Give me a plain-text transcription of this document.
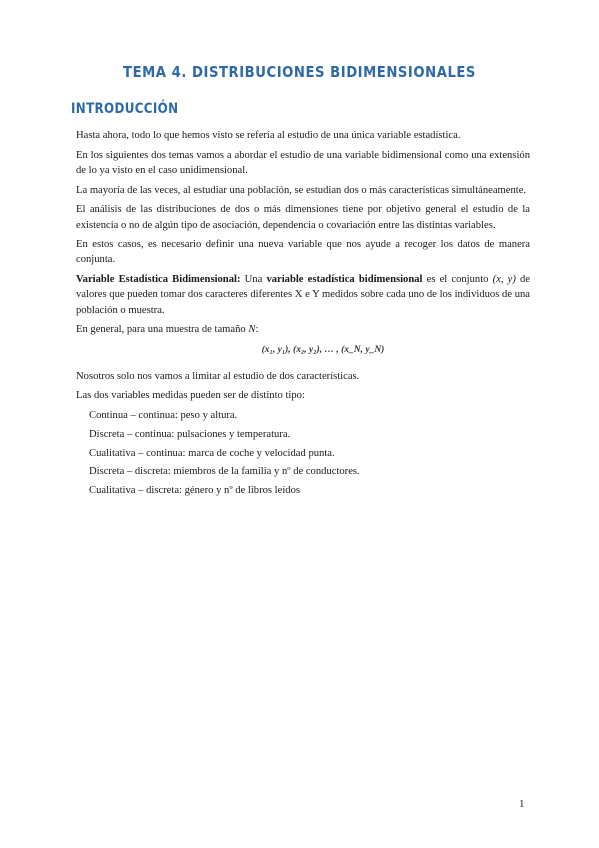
TEMA 4. DISTRIBUCIONES BIDIMENSIONALES
INTRODUCCIÓN

Hasta ahora, todo lo que hemos visto se refería al estudio de una única variable estadística.

En los siguientes dos temas vamos a abordar el estudio de una variable bidimensional como una extensión de lo ya visto en el caso unidimensional.

La mayoría de las veces, al estudiar una población, se estudian dos o más características simultáneamente.

El análisis de las distribuciones de dos o más dimensiones tiene por objetivo general el estudio de la existencia o no de algún tipo de asociación, dependencia o covariación entre las distintas variables.

En estos casos, es necesario definir una nueva variable que nos ayude a recoger los datos de manera conjunta.

Variable Estadística Bidimensional: Una variable estadística bidimensional es el conjunto (x, y) de valores que pueden tomar dos caracteres diferentes X e Y medidos sobre cada uno de los individuos de una población o muestra.

En general, para una muestra de tamaño N:

(x₁, y₁), (x₂, y₂), … , (x_N, y_N)

Nosotros solo nos vamos a limitar al estudio de dos características.

Las dos variables medidas pueden ser de distinto tipo:

Continua – continua: peso y altura.
Discreta – continua: pulsaciones y temperatura.
Cualitativa – continua: marca de coche y velocidad punta.
Discreta – discreta: miembros de la familia y nº de conductores.
Cualitativa – discreta: género y nº de libros leídos
1
